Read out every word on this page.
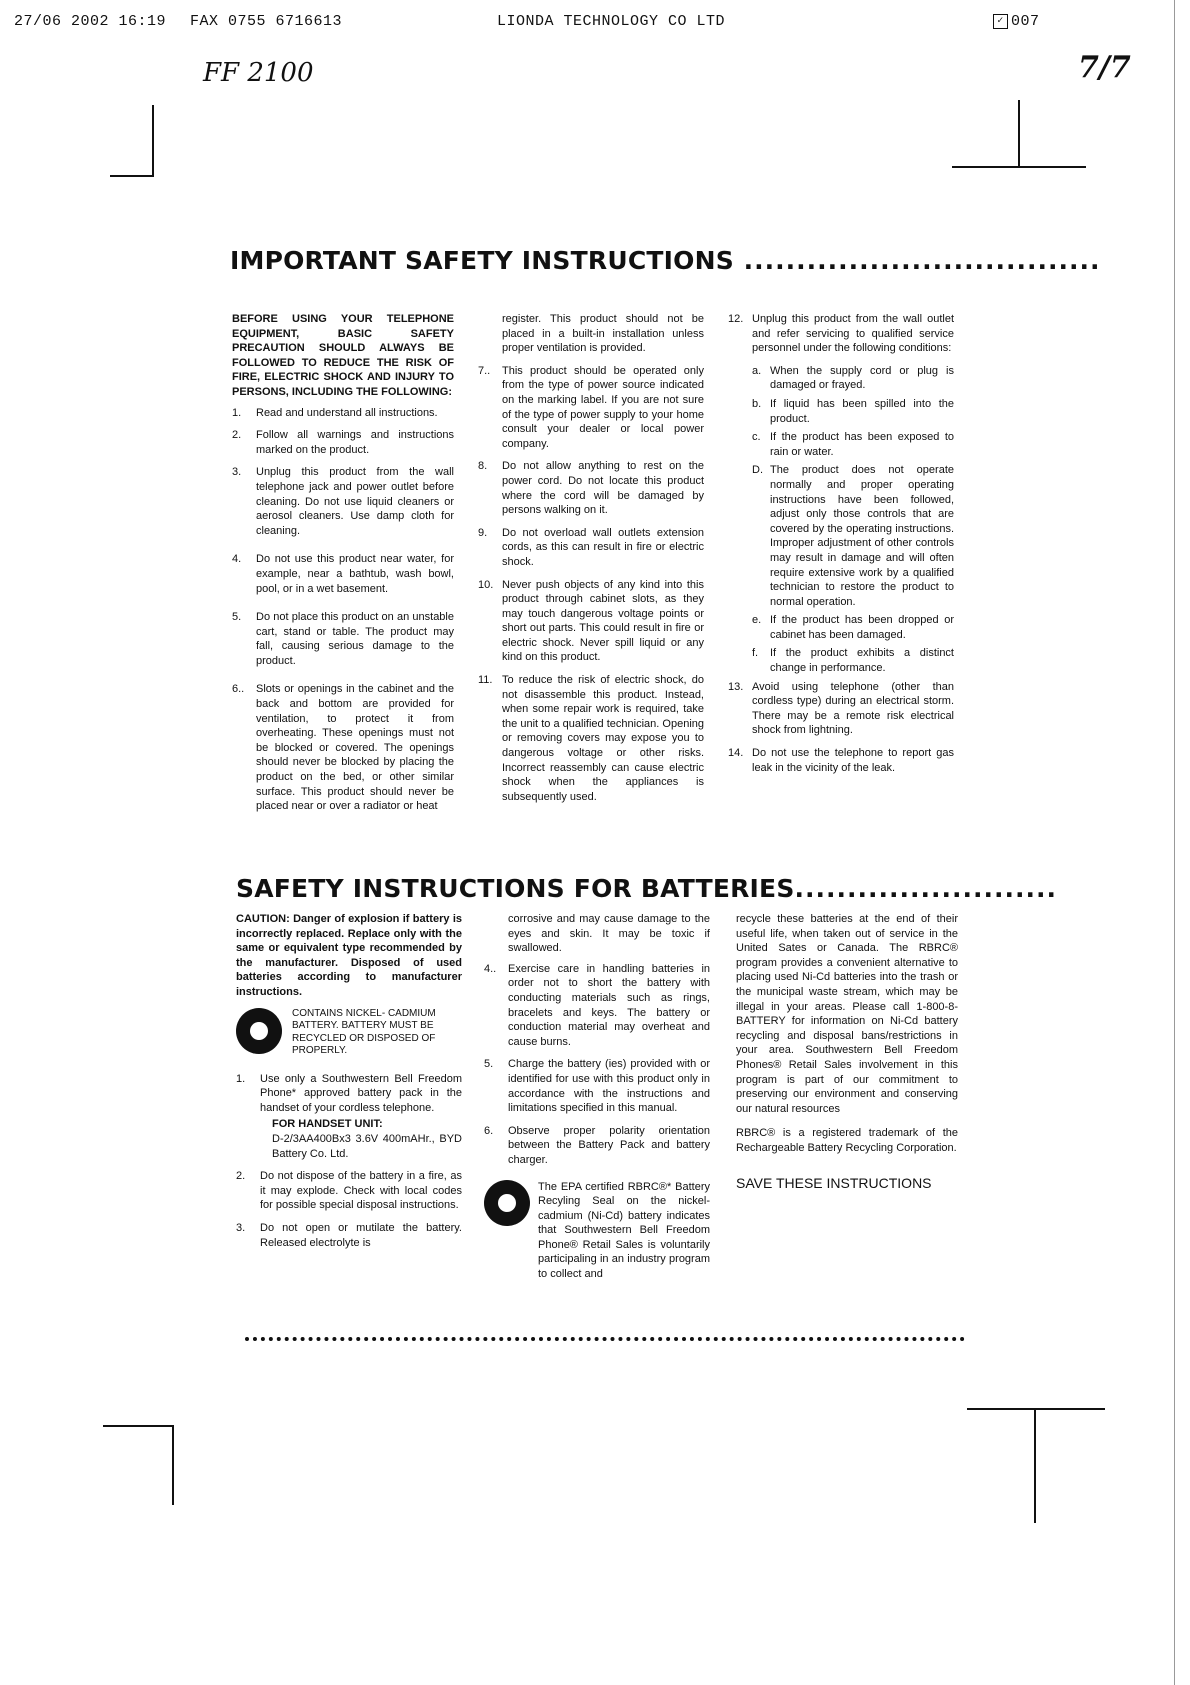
27/06 2002 16:19 FAX 0755 6716613	LIONDA TECHNOLOGY CO LTD	✓ 007
FF 2100	7/7
IMPORTANT SAFETY INSTRUCTIONS ..................................

BEFORE USING YOUR TELEPHONE EQUIPMENT, BASIC SAFETY PRECAUTION SHOULD ALWAYS BE FOLLOWED TO REDUCE THE RISK OF FIRE, ELECTRIC SHOCK AND INJURY TO PERSONS, INCLUDING THE FOLLOWING:

1. Read and understand all instructions.
2. Follow all warnings and instructions marked on the product.
3. Unplug this product from the wall telephone jack and power outlet before cleaning. Do not use liquid cleaners or aerosol cleaners. Use damp cloth for cleaning.
4. Do not use this product near water, for example, near a bathtub, wash bowl, pool, or in a wet basement.
5. Do not place this product on an unstable cart, stand or table. The product may fall, causing serious damage to the product.
6.. Slots or openings in the cabinet and the back and bottom are provided for ventilation, to protect it from overheating. These openings must not be blocked or covered. The openings should never be blocked by placing the product on the bed, or other similar surface. This product should never be placed near or over a radiator or heat
register. This product should not be placed in a built-in installation unless proper ventilation is provided.
7.. This product should be operated only from the type of power source indicated on the marking label. If you are not sure of the type of power supply to your home consult your dealer or local power company.
8. Do not allow anything to rest on the power cord. Do not locate this product where the cord will be damaged by persons walking on it.
9. Do not overload wall outlets extension cords, as this can result in fire or electric shock.
10. Never push objects of any kind into this product through cabinet slots, as they may touch dangerous voltage points or short out parts. This could result in fire or electric shock. Never spill liquid or any kind on this product.
11. To reduce the risk of electric shock, do not disassemble this product. Instead, when some repair work is required, take the unit to a qualified technician. Opening or removing covers may expose you to dangerous voltage or other risks. Incorrect reassembly can cause electric shock when the appliances is subsequently used.
12. Unplug this product from the wall outlet and refer servicing to qualified service personnel under the following conditions:
a. When the supply cord or plug is damaged or frayed.
b. If liquid has been spilled into the product.
c. If the product has been exposed to rain or water.
D. The product does not operate normally and proper operating instructions have been followed, adjust only those controls that are covered by the operating instructions. Improper adjustment of other controls may result in damage and will often require extensive work by a qualified technician to restore the product to normal operation.
e. If the product has been dropped or cabinet has been damaged.
f. If the product exhibits a distinct change in performance.
13. Avoid using telephone (other than cordless type) during an electrical storm. There may be a remote risk electrical shock from lightning.
14. Do not use the telephone to report gas leak in the vicinity of the leak.
SAFETY INSTRUCTIONS FOR BATTERIES.........................

CAUTION: Danger of explosion if battery is incorrectly replaced. Replace only with the same or equivalent type recommended by the manufacturer. Disposed of used batteries according to manufacturer instructions.

CONTAINS NICKEL- CADMIUM BATTERY. BATTERY MUST BE RECYCLED OR DISPOSED OF PROPERLY.
1. Use only a Southwestern Bell Freedom Phone* approved battery pack in the handset of your cordless telephone.
FOR HANDSET UNIT:
D-2/3AA400Bx3 3.6V 400mAHr., BYD Battery Co. Ltd.
2. Do not dispose of the battery in a fire, as it may explode. Check with local codes for possible special disposal instructions.
3. Do not open or mutilate the battery. Released electrolyte is

corrosive and may cause damage to the eyes and skin. It may be toxic if swallowed.

4.. Exercise care in handling batteries in order not to short the battery with conducting materials such as rings, bracelets and keys. The battery or conduction material may overheat and cause burns.
5. Charge the battery (ies) provided with or identified for use with this product only in accordance with the instructions and limitations specified in this manual.
6. Observe proper polarity orientation between the Battery Pack and battery charger.
The EPA certified RBRC®* Battery Recyling Seal on the nickel-cadmium (Ni-Cd) battery indicates that Southwestern Bell Freedom Phone® Retail Sales is voluntarily participaling in an industry program to collect and

recycle these batteries at the end of their useful life, when taken out of service in the United Sates or Canada. The RBRC® program provides a convenient alternative to placing used Ni-Cd batteries into the trash or the municipal waste stream, which may be illegal in your areas. Please call 1-800-8-BATTERY for information on Ni-Cd battery recycling and disposal bans/restrictions in your area. Southwestern Bell Freedom Phones® Retail Sales involvement in this program is part of our commitment to preserving our environment and conserving our natural resources

RBRC® is a registered trademark of the Rechargeable Battery Recycling Corporation.

SAVE THESE INSTRUCTIONS
